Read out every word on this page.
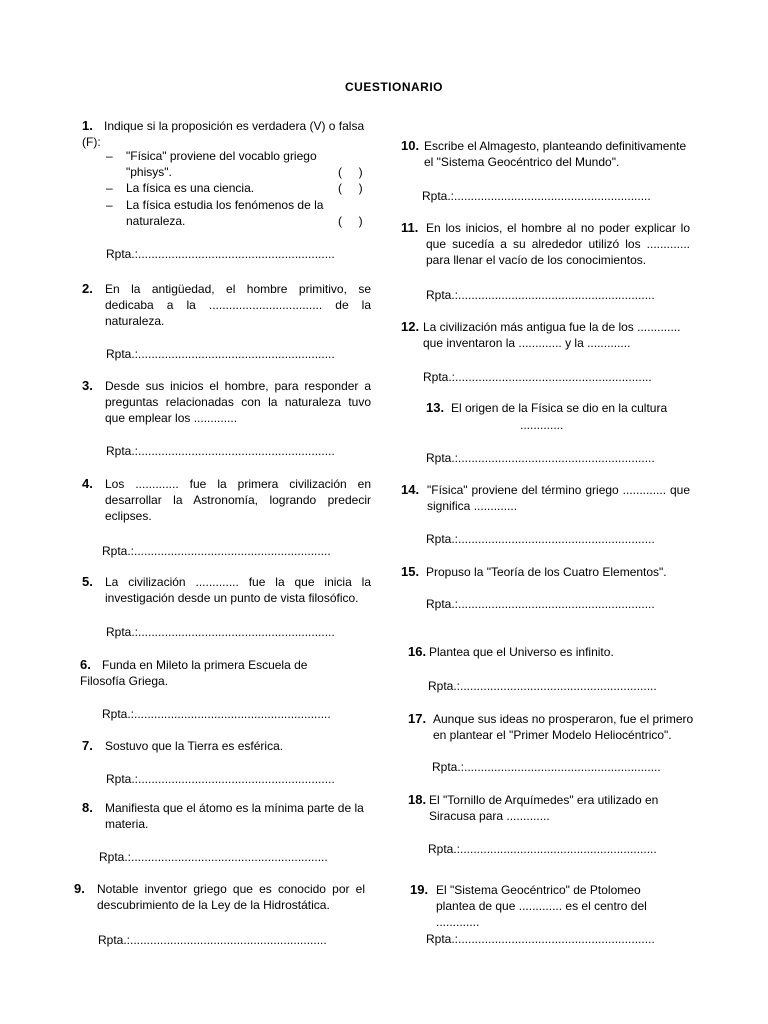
CUESTIONARIO
1. Indique si la proposición es verdadera (V) o falsa (F):
– "Física" proviene del vocablo griego "phisys".	(     )
– La física es una ciencia.	(     )
– La física estudia los fenómenos de la naturaleza.	(     )
Rpta.:...........................................................
2. En la antigüedad, el hombre primitivo, se dedicaba a la .................................. de la naturaleza.
Rpta.:...........................................................
3. Desde sus inicios el hombre, para responder a preguntas relacionadas con la naturaleza tuvo que emplear los .............
Rpta.:...........................................................
4. Los ............. fue la primera civilización en desarrollar la Astronomía, logrando predecir eclipses.
Rpta.:...........................................................
5. La civilización ............. fue la que inicia la investigación desde un punto de vista filosófico.
Rpta.:...........................................................
6. Funda en Mileto la primera Escuela de Filosofía Griega.
Rpta.:...........................................................
7. Sostuvo que la Tierra es esférica.
Rpta.:...........................................................
8. Manifiesta que el átomo es la mínima parte de la materia.
Rpta.:...........................................................
9. Notable inventor griego que es conocido por el descubrimiento de la Ley de la Hidrostática.
Rpta.:...........................................................
10. Escribe el Almagesto, planteando definitivamente el "Sistema Geocéntrico del Mundo".
Rpta.:...........................................................
11. En los inicios, el hombre al no poder explicar lo que sucedía a su alrededor utilizó los ............. para llenar el vacío de los conocimientos.
Rpta.:...........................................................
12. La civilización más antigua fue la de los ............. que inventaron la ............. y la .............
Rpta.:...........................................................
13. El origen de la Física se dio en la cultura
.............
Rpta.:...........................................................
14. "Física" proviene del término griego ............. que significa .............
Rpta.:...........................................................
15. Propuso la "Teoría de los Cuatro Elementos".
Rpta.:...........................................................
16. Plantea que el Universo es infinito.
Rpta.:...........................................................
17. Aunque sus ideas no prosperaron, fue el primero en plantear el "Primer Modelo Heliocéntrico".
Rpta.:...........................................................
18. El "Tornillo de Arquímedes" era utilizado en Siracusa para .............
Rpta.:...........................................................
19. El "Sistema Geocéntrico" de Ptolomeo plantea de que ............. es el centro del .............
Rpta.:...........................................................
